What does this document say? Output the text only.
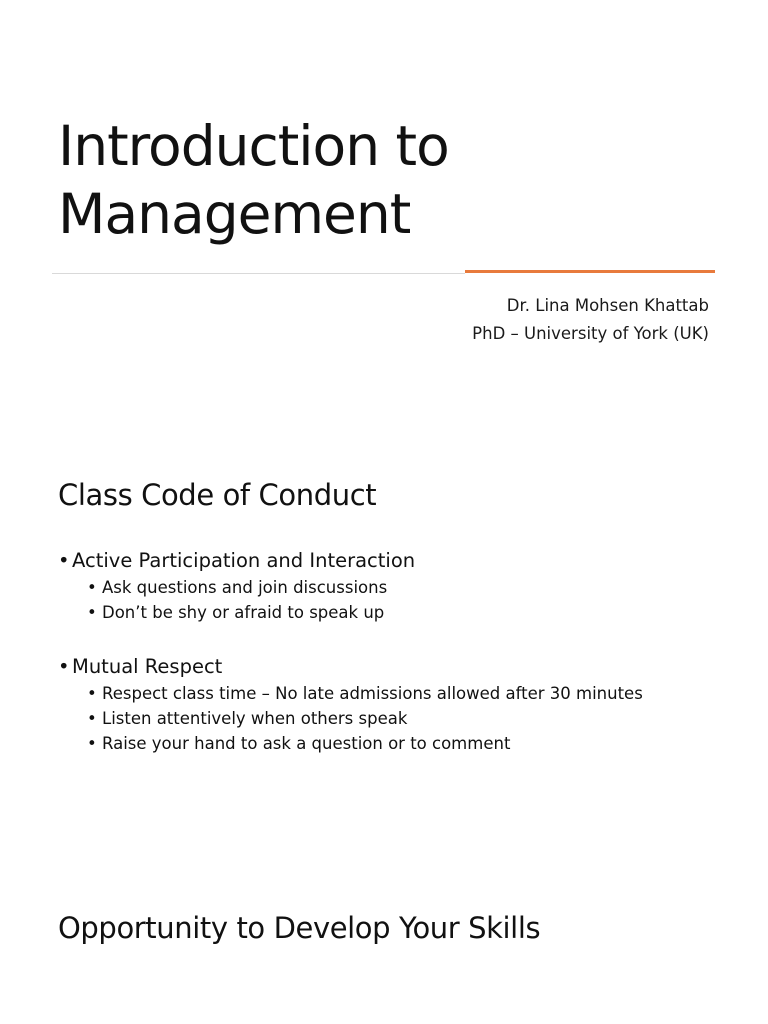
Introduction to Management
Dr. Lina Mohsen Khattab
PhD – University of York (UK)
Class Code of Conduct
• Active Participation and Interaction
• Ask questions and join discussions
• Don’t be shy or afraid to speak up
• Mutual Respect
• Respect class time – No late admissions allowed after 30 minutes
• Listen attentively when others speak
• Raise your hand to ask a question or to comment
Opportunity to Develop Your Skills
